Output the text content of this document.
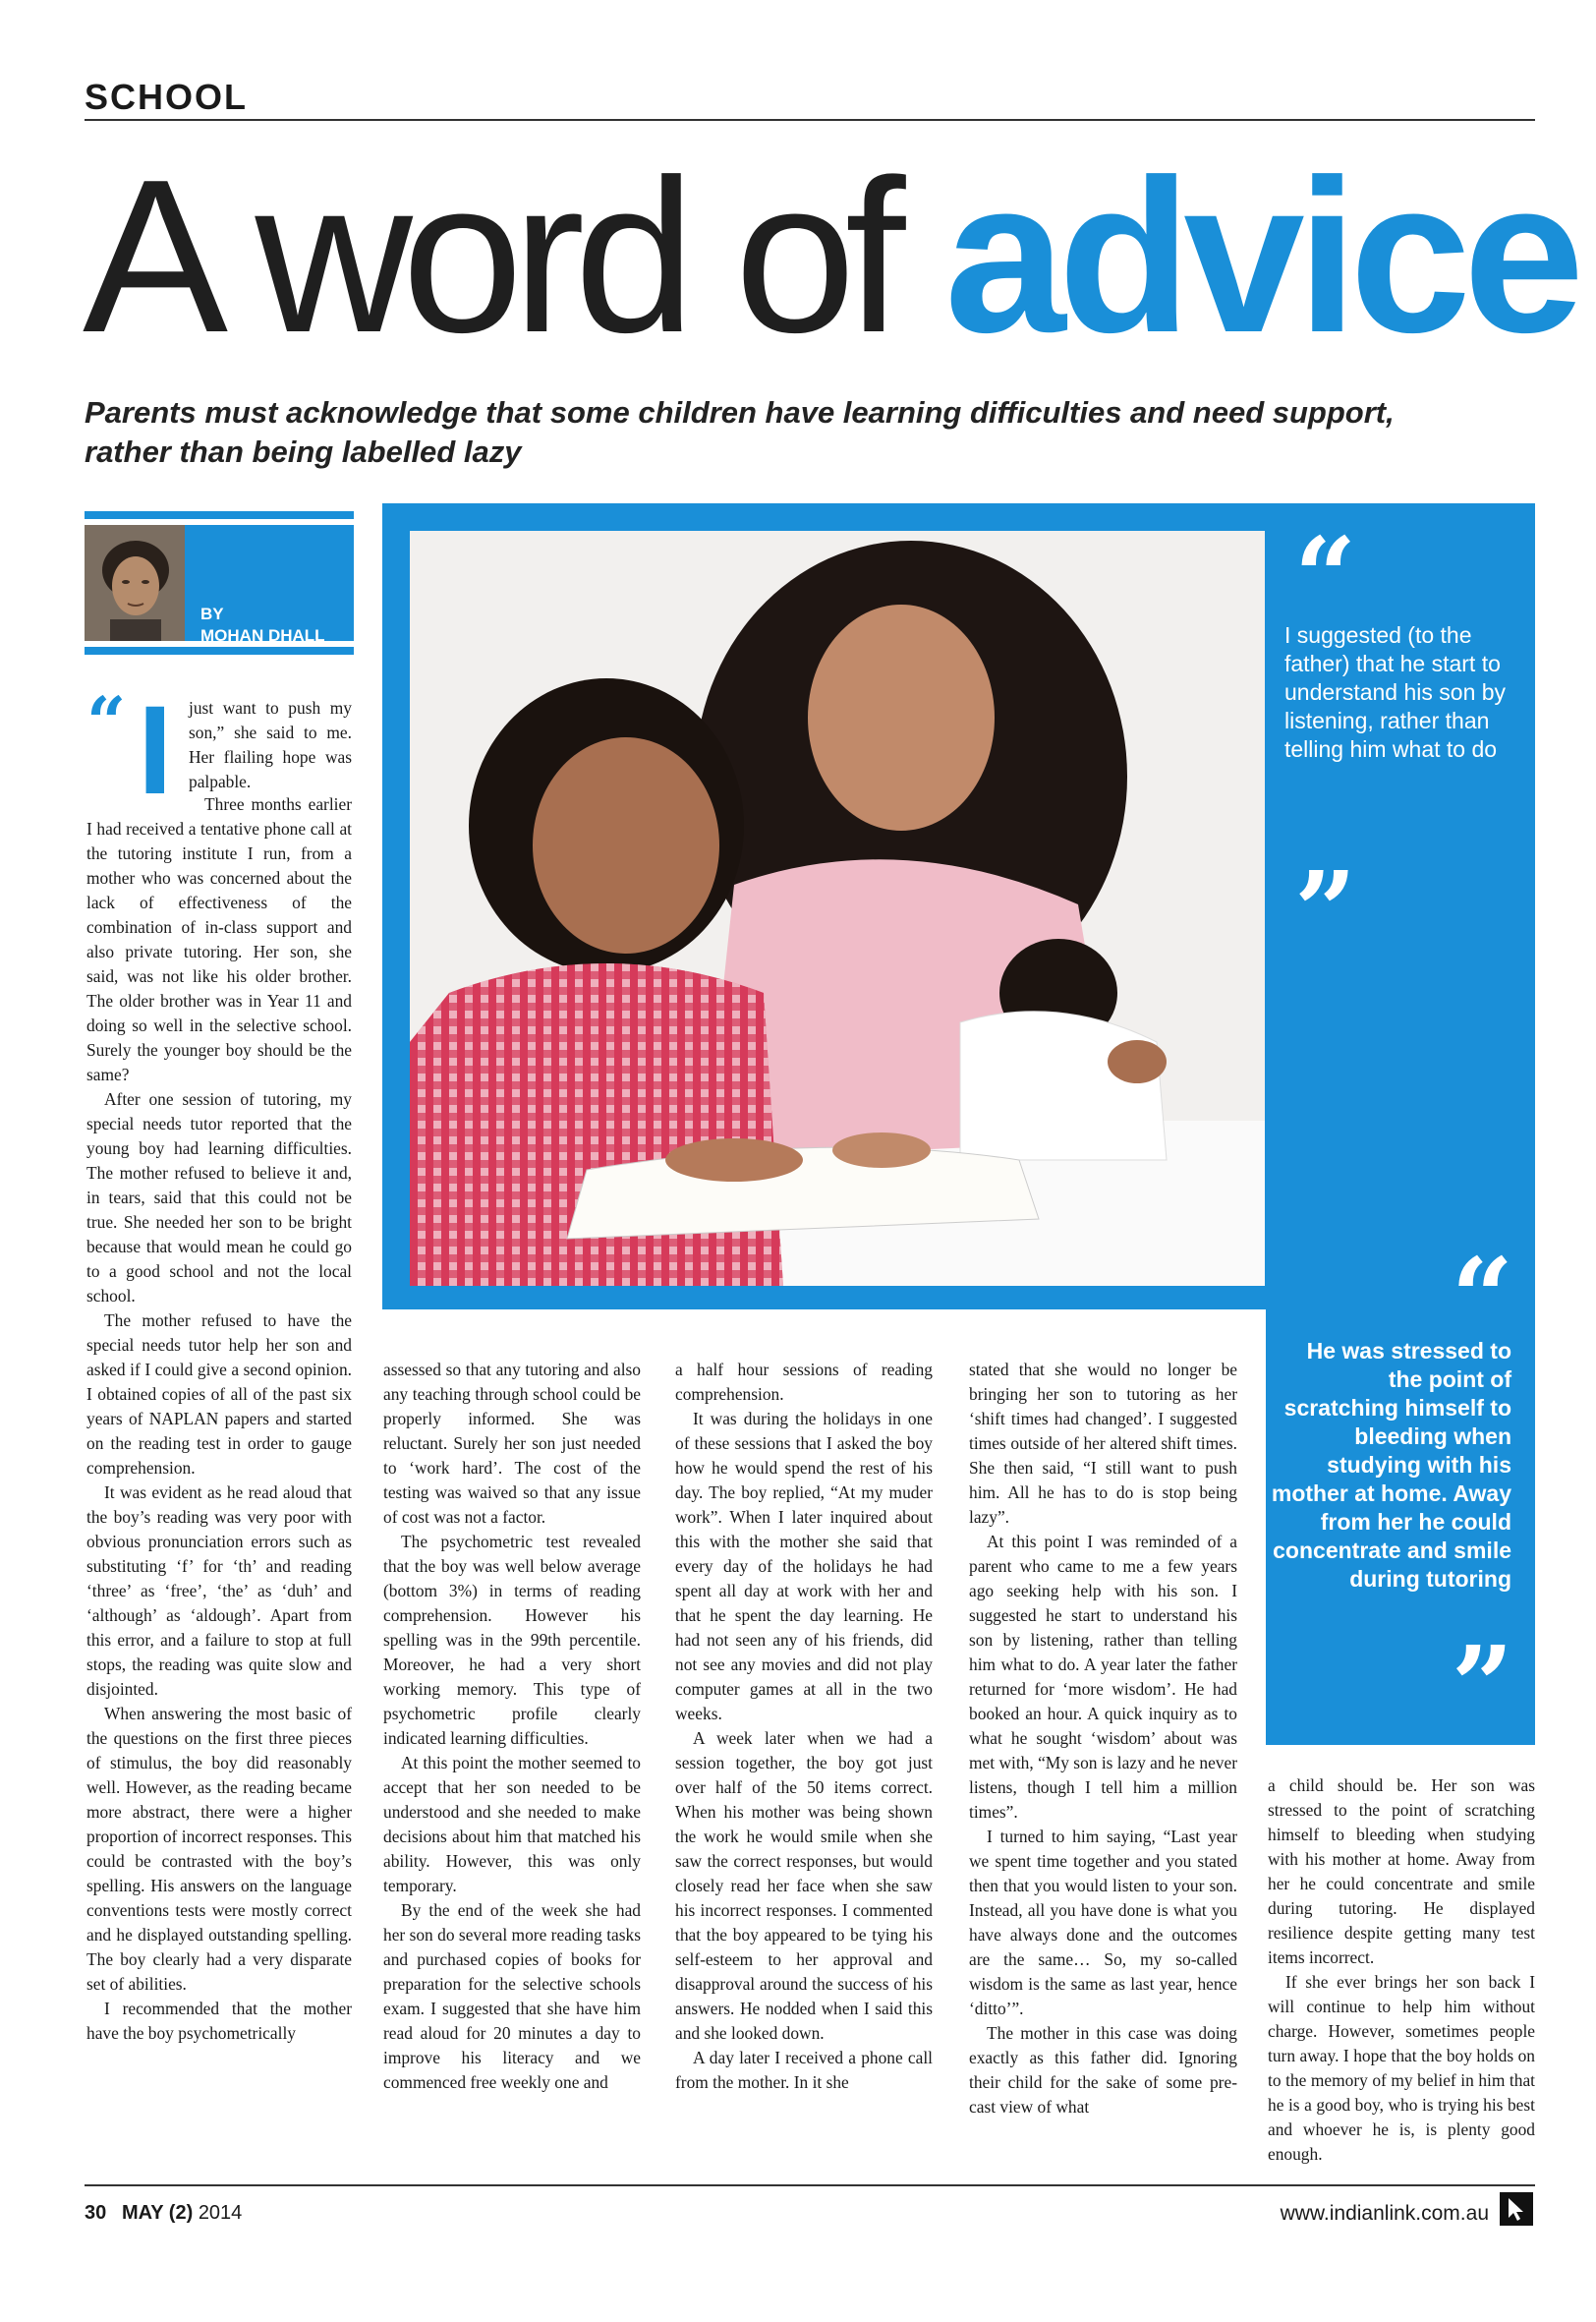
SCHOOL
A word of advice
Parents must acknowledge that some children have learning difficulties and need support, rather than being labelled lazy
BY
MOHAN DHALL	“
I suggested (to the father) that he start to understand his son by listening, rather than telling him what to do
”
“
He was stressed to the point of scratching himself to bleeding when studying with his mother at home. Away from her he could concentrate and smile during tutoring
”
“ I just want to push my son,” she said to me. Her flailing hope was palpable.

Three months earlier I had received a tentative phone call at the tutoring institute I run, from a mother who was concerned about the lack of effectiveness of the combination of in-class support and also private tutoring. Her son, she said, was not like his older brother. The older brother was in Year 11 and doing so well in the selective school. Surely the younger boy should be the same?

After one session of tutoring, my special needs tutor reported that the young boy had learning difficulties. The mother refused to believe it and, in tears, said that this could not be true. She needed her son to be bright because that would mean he could go to a good school and not the local school.

The mother refused to have the special needs tutor help her son and asked if I could give a second opinion. I obtained copies of all of the past six years of NAPLAN papers and started on the reading test in order to gauge comprehension.

It was evident as he read aloud that the boy’s reading was very poor with obvious pronunciation errors such as substituting ‘f’ for ‘th’ and reading ‘three’ as ‘free’, ‘the’ as ‘duh’ and ‘although’ as ‘aldough’. Apart from this error, and a failure to stop at full stops, the reading was quite slow and disjointed.

When answering the most basic of the questions on the first three pieces of stimulus, the boy did reasonably well. However, as the reading became more abstract, there were a higher proportion of incorrect responses. This could be contrasted with the boy’s spelling. His answers on the language conventions tests were mostly correct and he displayed outstanding spelling. The boy clearly had a very disparate set of abilities.

I recommended that the mother have the boy psychometrically

assessed so that any tutoring and also any teaching through school could be properly informed. She was reluctant. Surely her son just needed to ‘work hard’. The cost of the testing was waived so that any issue of cost was not a factor.

The psychometric test revealed that the boy was well below average (bottom 3%) in terms of reading comprehension. However his spelling was in the 99th percentile. Moreover, he had a very short working memory. This type of psychometric profile clearly indicated learning difficulties.

At this point the mother seemed to accept that her son needed to be understood and she needed to make decisions about him that matched his ability. However, this was only temporary.

By the end of the week she had her son do several more reading tasks and purchased copies of books for preparation for the selective schools exam. I suggested that she have him read aloud for 20 minutes a day to improve his literacy and we commenced free weekly one and

a half hour sessions of reading comprehension.

It was during the holidays in one of these sessions that I asked the boy how he would spend the rest of his day. The boy replied, “At my muder work”. When I later inquired about this with the mother she said that every day of the holidays he had spent all day at work with her and that he spent the day learning. He had not seen any of his friends, did not see any movies and did not play computer games at all in the two weeks.

A week later when we had a session together, the boy got just over half of the 50 items correct. When his mother was being shown the work he would smile when she saw the correct responses, but would closely read her face when she saw his incorrect responses. I commented that the boy appeared to be tying his self-esteem to her approval and disapproval around the success of his answers. He nodded when I said this and she looked down.

A day later I received a phone call from the mother. In it she

stated that she would no longer be bringing her son to tutoring as her ‘shift times had changed’. I suggested times outside of her altered shift times. She then said, “I still want to push him. All he has to do is stop being lazy”.

At this point I was reminded of a parent who came to me a few years ago seeking help with his son. I suggested he start to understand his son by listening, rather than telling him what to do. A year later the father returned for ‘more wisdom’. He had booked an hour. A quick inquiry as to what he sought ‘wisdom’ about was met with, “My son is lazy and he never listens, though I tell him a million times”.

I turned to him saying, “Last year we spent time together and you stated then that you would listen to your son. Instead, all you have done is what you have always done and the outcomes are the same… So, my so-called wisdom is the same as last year, hence ‘ditto’”.

The mother in this case was doing exactly as this father did. Ignoring their child for the sake of some pre-cast view of what

a child should be. Her son was stressed to the point of scratching himself to bleeding when studying with his mother at home. Away from her he could concentrate and smile during tutoring. He displayed resilience despite getting many test items incorrect.

If she ever brings her son back I will continue to help him without charge. However, sometimes people turn away. I hope that the boy holds on to the memory of my belief in him that he is a good boy, who is trying his best and whoever he is, is plenty good enough.

30 MAY (2) 2014	www.indianlink.com.au
